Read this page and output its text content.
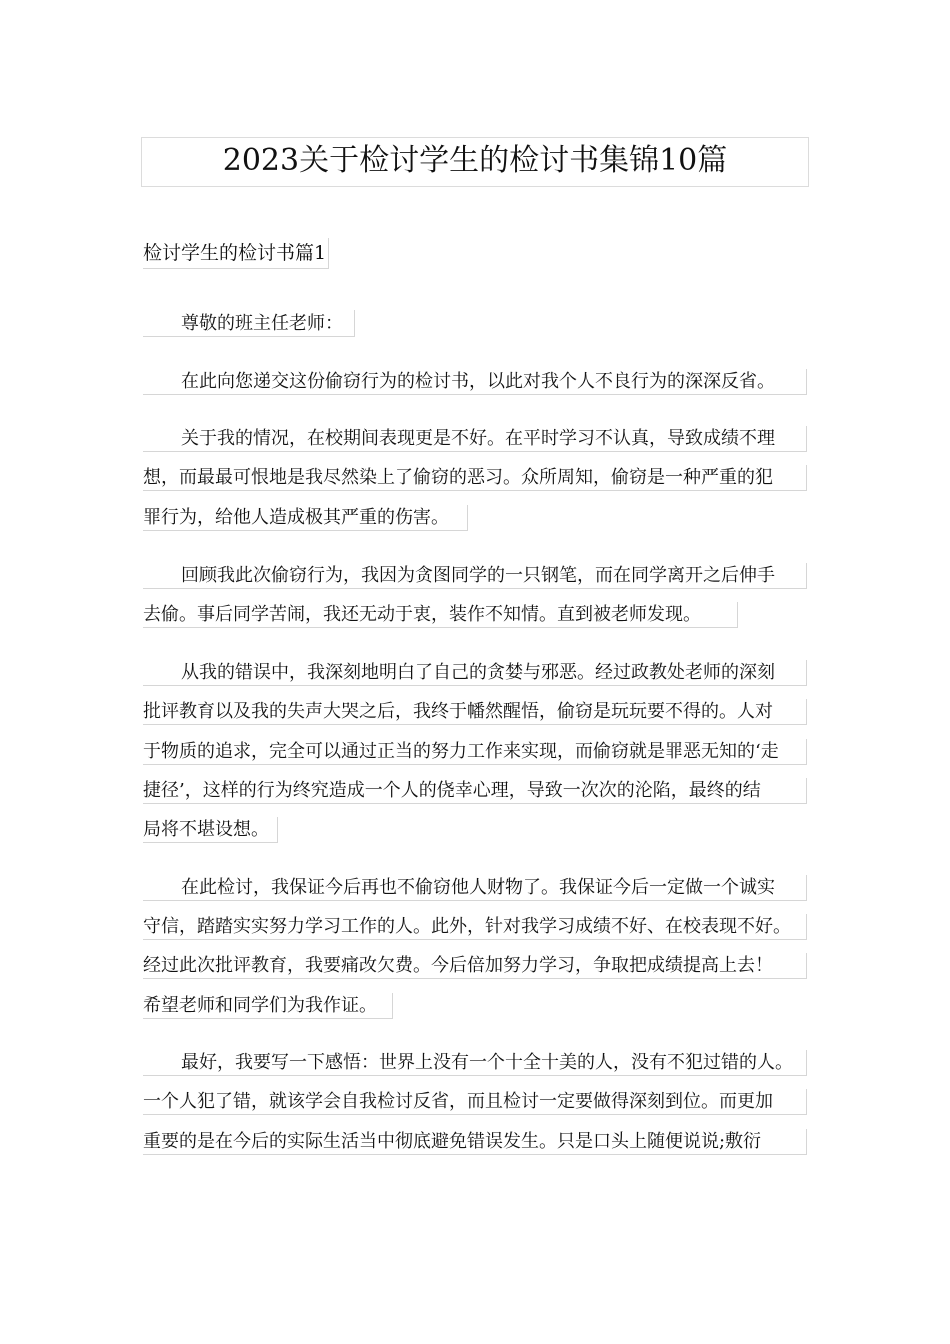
2023关于检讨学生的检讨书集锦10篇
检讨学生的检讨书篇1
尊敬的班主任老师：
在此向您递交这份偷窃行为的检讨书，以此对我个人不良行为的深深反省。
关于我的情况，在校期间表现更是不好。在平时学习不认真，导致成绩不理
想，而最最可恨地是我尽然染上了偷窃的恶习。众所周知，偷窃是一种严重的犯
罪行为，给他人造成极其严重的伤害。
回顾我此次偷窃行为，我因为贪图同学的一只钢笔，而在同学离开之后伸手
去偷。事后同学苦闹，我还无动于衷，装作不知情。直到被老师发现。
从我的错误中，我深刻地明白了自己的贪婪与邪恶。经过政教处老师的深刻
批评教育以及我的失声大哭之后，我终于幡然醒悟，偷窃是玩玩要不得的。人对
于物质的追求，完全可以通过正当的努力工作来实现，而偷窃就是罪恶无知的‘走
捷径’，这样的行为终究造成一个人的侥幸心理，导致一次次的沦陷，最终的结
局将不堪设想。
在此检讨，我保证今后再也不偷窃他人财物了。我保证今后一定做一个诚实
守信，踏踏实实努力学习工作的人。此外，针对我学习成绩不好、在校表现不好。
经过此次批评教育，我要痛改欠费。今后倍加努力学习，争取把成绩提高上去！
希望老师和同学们为我作证。
最好，我要写一下感悟：世界上没有一个十全十美的人，没有不犯过错的人。
一个人犯了错，就该学会自我检讨反省，而且检讨一定要做得深刻到位。而更加
重要的是在今后的实际生活当中彻底避免错误发生。只是口头上随便说说;敷衍
